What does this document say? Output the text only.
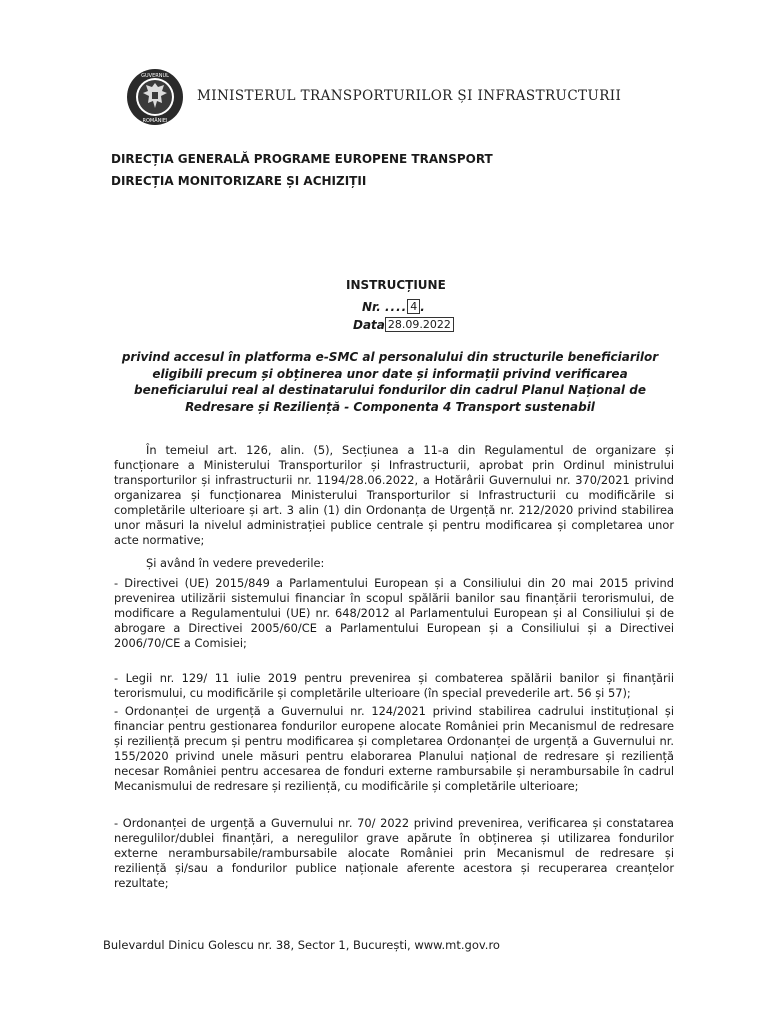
GUVERNUL
ROMÂNIEI
MINISTERUL TRANSPORTURILOR ȘI INFRASTRUCTURII
DIRECȚIA GENERALĂ PROGRAME EUROPENE TRANSPORT
DIRECȚIA MONITORIZARE ȘI ACHIZIȚII
INSTRUCȚIUNE
Nr. .... 4 .
Data 28.09.2022
privind accesul în platforma e-SMC al personalului din structurile beneficiarilor eligibili precum și obținerea unor date și informații privind verificarea beneficiarului real al destinatarului fondurilor din cadrul Planul Național de Redresare și Reziliență - Componenta 4 Transport sustenabil
În temeiul art. 126, alin. (5), Secțiunea a 11-a din Regulamentul de organizare și funcționare a Ministerului Transporturilor și Infrastructurii, aprobat prin Ordinul ministrului transporturilor și infrastructurii nr. 1194/28.06.2022, a Hotărârii Guvernului nr. 370/2021 privind organizarea și funcționarea Ministerului Transporturilor si Infrastructurii cu modificările si completările ulterioare și art. 3 alin (1) din Ordonanța de Urgență nr. 212/2020 privind stabilirea unor măsuri la nivelul administrației publice centrale și pentru modificarea și completarea unor acte normative;
Și având în vedere prevederile:
- Directivei (UE) 2015/849 a Parlamentului European și a Consiliului din 20 mai 2015 privind prevenirea utilizării sistemului financiar în scopul spălării banilor sau finanțării terorismului, de modificare a Regulamentului (UE) nr. 648/2012 al Parlamentului European și al Consiliului și de abrogare a Directivei 2005/60/CE a Parlamentului European și a Consiliului și a Directivei 2006/70/CE a Comisiei;
- Legii nr. 129/ 11 iulie 2019 pentru prevenirea și combaterea spălării banilor și finanțării terorismului, cu modificările și completările ulterioare (în special prevederile art. 56 și 57);
- Ordonanței de urgență a Guvernului nr. 124/2021 privind stabilirea cadrului instituțional și financiar pentru gestionarea fondurilor europene alocate României prin Mecanismul de redresare și reziliență precum și pentru modificarea și completarea Ordonanței de urgență a Guvernului nr. 155/2020 privind unele măsuri pentru elaborarea Planului național de redresare și reziliență necesar României pentru accesarea de fonduri externe rambursabile și nerambursabile în cadrul Mecanismului de redresare și reziliență, cu modificările și completările ulterioare;
- Ordonanței de urgență a Guvernului nr. 70/ 2022 privind prevenirea, verificarea și constatarea neregulilor/dublei finanțări, a neregulilor grave apărute în obținerea și utilizarea fondurilor externe nerambursabile/rambursabile alocate României prin Mecanismul de redresare și reziliență și/sau a fondurilor publice naționale aferente acestora și recuperarea creanțelor rezultate;
Bulevardul Dinicu Golescu nr. 38, Sector 1, București, www.mt.gov.ro
